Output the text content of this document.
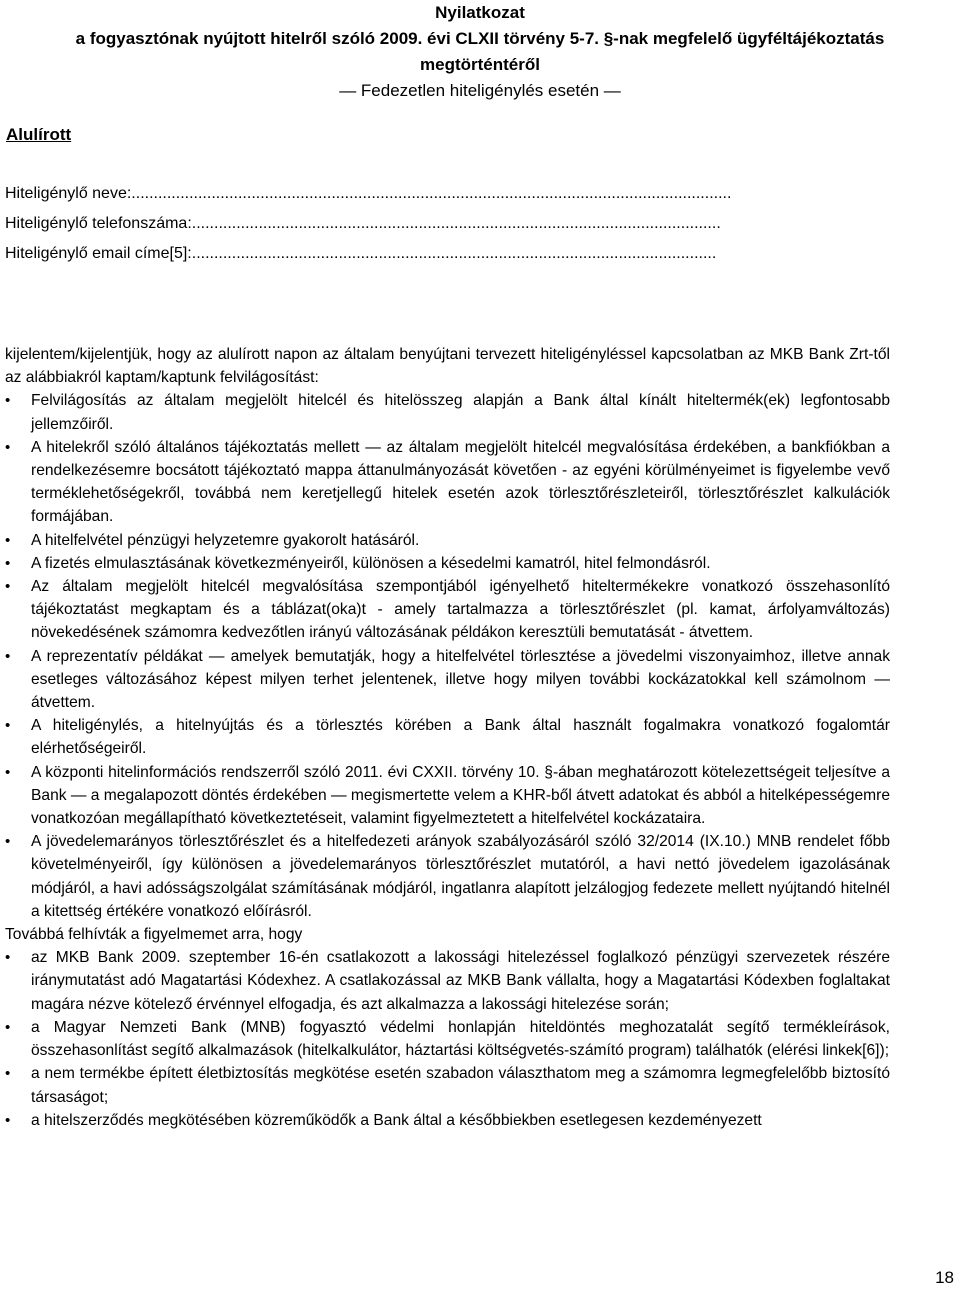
Nyilatkozat
a fogyasztónak nyújtott hitelről szóló 2009. évi CLXII törvény 5-7. §-nak megfelelő ügyféltájékoztatás
megtörténtéről
― Fedezetlen hiteligénylés esetén ―
Alulírott
Hiteligénylő neve:.......................................................................................................................................
Hiteligénylő telefonszáma:.......................................................................................................................
Hiteligénylő email címe[5]:......................................................................................................................

kijelentem/kijelentjük, hogy az alulírott napon az általam benyújtani tervezett hiteligényléssel kapcsolatban az MKB Bank Zrt-től az alábbiakról kaptam/kaptunk felvilágosítást:

• Felvilágosítás az általam megjelölt hitelcél és hitelösszeg alapján a Bank által kínált hiteltermék(ek) legfontosabb jellemzőiről.
• A hitelekről szóló általános tájékoztatás mellett ― az általam megjelölt hitelcél megvalósítása érdekében, a bankfiókban a rendelkezésemre bocsátott tájékoztató mappa áttanulmányozását követően - az egyéni körülményeimet is figyelembe vevő terméklehetőségekről, továbbá nem keretjellegű hitelek esetén azok törlesztőrészleteiről, törlesztőrészlet kalkulációk formájában.
• A hitelfelvétel pénzügyi helyzetemre gyakorolt hatásáról.
• A fizetés elmulasztásának következményeiről, különösen a késedelmi kamatról, hitel felmondásról.
• Az általam megjelölt hitelcél megvalósítása szempontjából igényelhető hiteltermékekre vonatkozó összehasonlító tájékoztatást megkaptam és a táblázat(oka)t - amely tartalmazza a törlesztőrészlet (pl. kamat, árfolyamváltozás) növekedésének számomra kedvezőtlen irányú változásának példákon keresztüli bemutatását - átvettem.
• A reprezentatív példákat ― amelyek bemutatják, hogy a hitelfelvétel törlesztése a jövedelmi viszonyaimhoz, illetve annak esetleges változásához képest milyen terhet jelentenek, illetve hogy milyen további kockázatokkal kell számolnom ― átvettem.
• A hiteligénylés, a hitelnyújtás és a törlesztés körében a Bank által használt fogalmakra vonatkozó fogalomtár elérhetőségeiről.
• A központi hitelinformációs rendszerről szóló 2011. évi CXXII. törvény 10. §-ában meghatározott kötelezettségeit teljesítve a Bank ― a megalapozott döntés érdekében ― megismertette velem a KHR-ből átvett adatokat és abból a hitelképességemre vonatkozóan megállapítható következtetéseit, valamint figyelmeztetett a hitelfelvétel kockázataira.
• A jövedelemarányos törlesztőrészlet és a hitelfedezeti arányok szabályozásáról szóló 32/2014 (IX.10.) MNB rendelet főbb követelményeiről, így különösen a jövedelemarányos törlesztőrészlet mutatóról, a havi nettó jövedelem igazolásának módjáról, a havi adósságszolgálat számításának módjáról, ingatlanra alapított jelzálogjog fedezete mellett nyújtandó hitelnél a kitettség értékére vonatkozó előírásról.

Továbbá felhívták a figyelmemet arra, hogy

• az MKB Bank 2009. szeptember 16-én csatlakozott a lakossági hitelezéssel foglalkozó pénzügyi szervezetek részére iránymutatást adó Magatartási Kódexhez. A csatlakozással az MKB Bank vállalta, hogy a Magatartási Kódexben foglaltakat magára nézve kötelező érvénnyel elfogadja, és azt alkalmazza a lakossági hitelezése során;
• a Magyar Nemzeti Bank (MNB) fogyasztó védelmi honlapján hiteldöntés meghozatalát segítő termékleírások, összehasonlítást segítő alkalmazások (hitelkalkulátor, háztartási költségvetés-számító program) találhatók (elérési linkek[6]);
• a nem termékbe épített életbiztosítás megkötése esetén szabadon választhatom meg a számomra legmegfelelőbb biztosító társaságot;
• a hitelszerződés megkötésében közreműködők a Bank által a későbbiekben esetlegesen kezdeményezett
18
